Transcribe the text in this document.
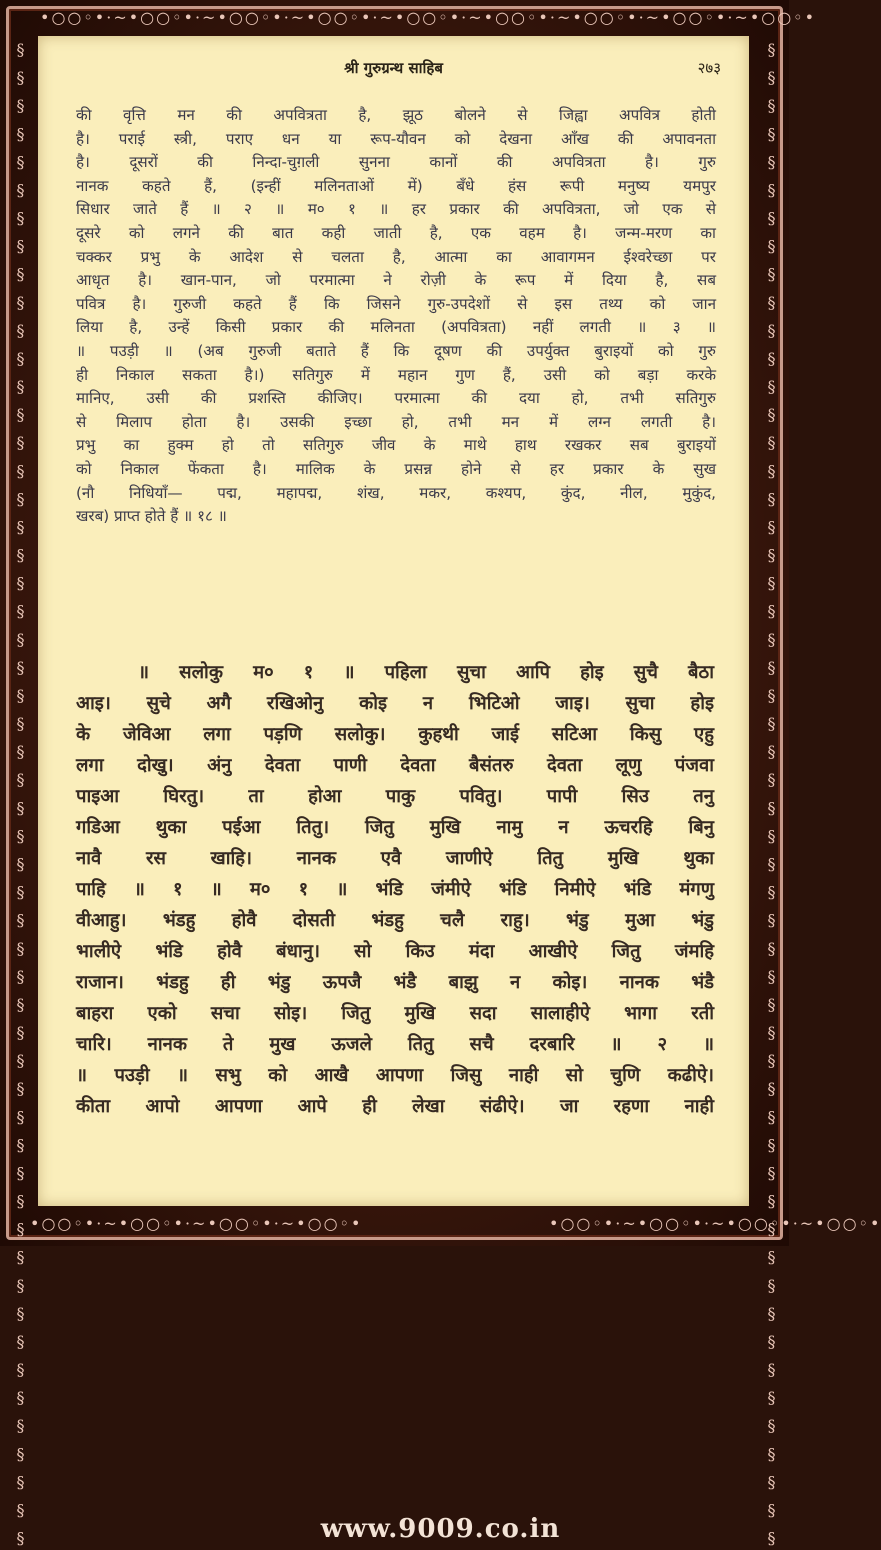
•○○◦•·~•○○◦•·~•○○◦•·~•○○◦•·~•○○◦•·~•○○◦•·~•○○◦•·~•○○◦•·~•○○◦•
§ § § § § § § § § § § § § § § § § § § § § § § § § § § § § § § § § § § § § § § § § § § § § § § § § § § § § §	§ § § § § § § § § § § § § § § § § § § § § § § § § § § § § § § § § § § § § § § § § § § § § § § § § § § § § §
•○○◦•·~•○○◦•·~•○○◦•·~•○○◦•	•○○◦•·~•○○◦•·~•○○◦•·~•○○◦•
श्री गुरुग्रन्थ साहिब	२७३
की वृत्ति मन की अपवित्रता है, झूठ बोलने से जिह्वा अपवित्र होती
है। पराई स्त्री, पराए धन या रूप-यौवन को देखना आँख की अपावनता
है। दूसरों की निन्दा-चुग़ली सुनना कानों की अपवित्रता है। गुरु
नानक कहते हैं, (इन्हीं मलिनताओं में) बँधे हंस रूपी मनुष्य यमपुर
सिधार जाते हैं ॥ २ ॥ म० १ ॥ हर प्रकार की अपवित्रता, जो एक से
दूसरे को लगने की बात कही जाती है, एक वहम है। जन्म-मरण का
चक्कर प्रभु के आदेश से चलता है, आत्मा का आवागमन ईश्वरेच्छा पर
आधृत है। खान-पान, जो परमात्मा ने रोज़ी के रूप में दिया है, सब
पवित्र है। गुरुजी कहते हैं कि जिसने गुरु-उपदेशों से इस तथ्य को जान
लिया है, उन्हें किसी प्रकार की मलिनता (अपवित्रता) नहीं लगती ॥ ३ ॥
॥ पउड़ी ॥ (अब गुरुजी बताते हैं कि दूषण की उपर्युक्त बुराइयों को गुरु
ही निकाल सकता है।) सतिगुरु में महान गुण हैं, उसी को बड़ा करके
मानिए, उसी की प्रशस्ति कीजिए। परमात्मा की दया हो, तभी सतिगुरु
से मिलाप होता है। उसकी इच्छा हो, तभी मन में लग्न लगती है।
प्रभु का हुक्म हो तो सतिगुरु जीव के माथे हाथ रखकर सब बुराइयों
को निकाल फेंकता है। मालिक के प्रसन्न होने से हर प्रकार के सुख
(नौ निधियाँ— पद्म, महापद्म, शंख, मकर, कश्यप, कुंद, नील, मुकुंद,
खरब) प्राप्त होते हैं ॥ १८ ॥
॥ सलोकु म० १ ॥ पहिला सुचा आपि होइ सुचै बैठा
आइ। सुचे अगै रखिओनु कोइ न भिटिओ जाइ। सुचा होइ
के जेविआ लगा पड़णि सलोकु। कुहथी जाई सटिआ किसु एहु
लगा दोखु। अंनु देवता पाणी देवता बैसंतरु देवता लूणु पंजवा
पाइआ घिरतु। ता होआ पाकु पवितु। पापी सिउ तनु
गडिआ थुका पईआ तितु। जितु मुखि नामु न ऊचरहि बिनु
नावै रस खाहि। नानक एवै जाणीऐ तितु मुखि थुका
पाहि ॥ १ ॥ म० १ ॥ भंडि जंमीऐ भंडि निमीऐ भंडि मंगणु
वीआहु। भंडहु होवै दोसती भंडहु चलै राहु। भंडु मुआ भंडु
भालीऐ भंडि होवै बंधानु। सो किउ मंदा आखीऐ जितु जंमहि
राजान। भंडहु ही भंडु ऊपजै भंडै बाझु न कोइ। नानक भंडै
बाहरा एको सचा सोइ। जितु मुखि सदा सालाहीऐ भागा रती
चारि। नानक ते मुख ऊजले तितु सचै दरबारि ॥ २ ॥
॥ पउड़ी ॥ सभु को आखै आपणा जिसु नाही सो चुणि कढीऐ।
कीता आपो आपणा आपे ही लेखा संढीऐ। जा रहणा नाही
www.9009.co.in
